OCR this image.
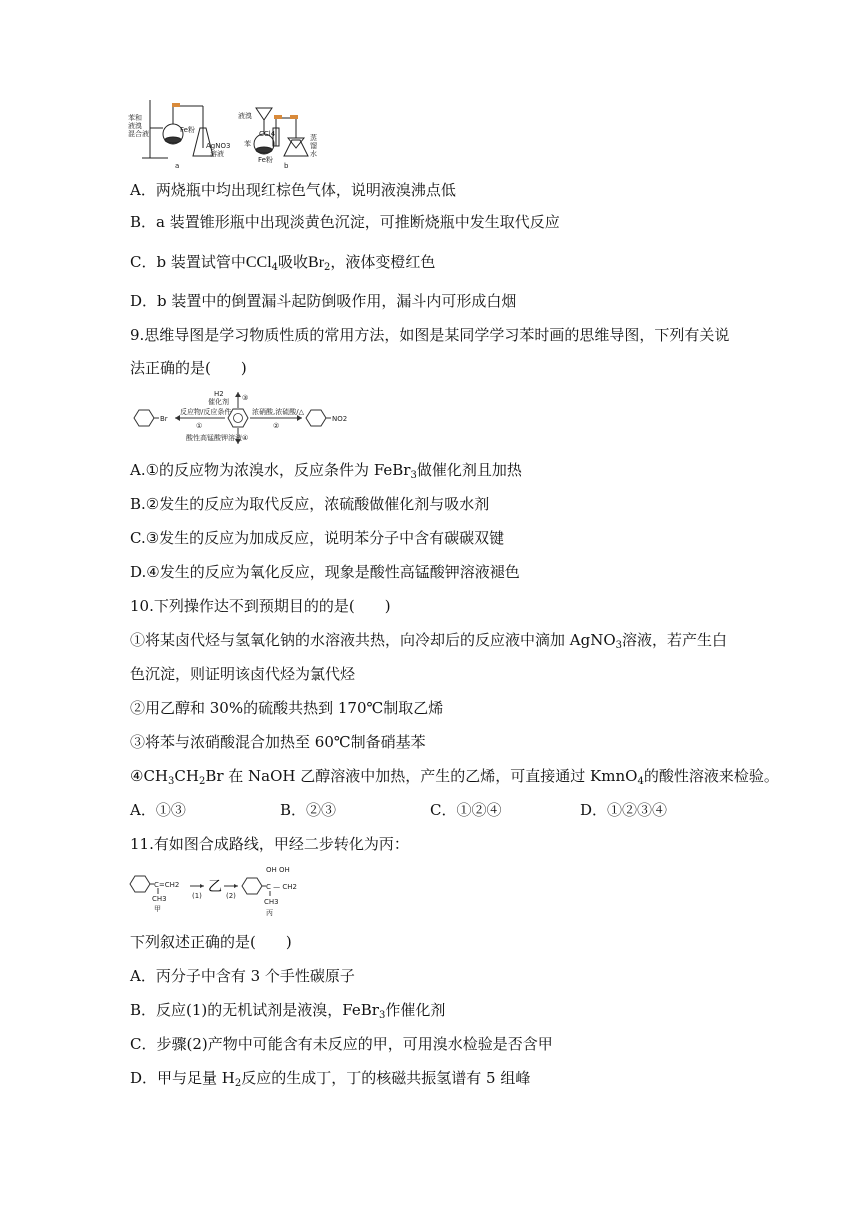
苯和
液溴
混合液	Fe粉
AgNO3
溶液
a
液溴
苯
CCl4
Fe粉
蒸
馏
水
b
A．两烧瓶中均出现红棕色气体，说明液溴沸点低
B．a 装置锥形瓶中出现淡黄色沉淀，可推断烧瓶中发生取代反应
C．b 装置试管中CCl$_4$吸收$Br_2$，液体变橙红色
D．b 装置中的倒置漏斗起防倒吸作用，漏斗内可形成白烟
9.思维导图是学习物质性质的常用方法，如图是某同学学习苯时画的思维导图，下列有关说
法正确的是(　　)
Br
反应物/反应条件
①
H2
催化剂 ③
浓硝酸,浓硫酸/△
②
NO2
酸性高锰酸钾溶液 ④
A.①的反应物为浓溴水，反应条件为 FeBr$_3$做催化剂且加热
B.②发生的反应为取代反应，浓硫酸做催化剂与吸水剂
C.③发生的反应为加成反应，说明苯分子中含有碳碳双键
D.④发生的反应为氧化反应，现象是酸性高锰酸钾溶液褪色
10.下列操作达不到预期目的的是(　　)
①将某卤代烃与氢氧化钠的水溶液共热，向冷却后的反应液中滴加 AgNO$_3$溶液，若产生白
色沉淀，则证明该卤代烃为氯代烃
②用乙醇和 30%的硫酸共热到 170℃制取乙烯
③将苯与浓硝酸混合加热至 60℃制备硝基苯
$④CH_3CH_2Br$ 在 NaOH 乙醇溶液中加热，产生的乙烯，可直接通过 KmnO$_4$的酸性溶液来检验。
A．①③	B．②③	C．①②④	D．①②③④
11.有如图合成路线，甲经二步转化为丙：
C=CH2
CH3
甲
(1)
乙
(2)
OH OH
C — CH2
CH3
丙
下列叙述正确的是(　　)
A．丙分子中含有 3 个手性碳原子
B．反应(1)的无机试剂是液溴，FeBr$_3$作催化剂
C．步骤(2)产物中可能含有未反应的甲，可用溴水检验是否含甲
D．甲与足量 $H_2$反应的生成丁，丁的核磁共振氢谱有 5 组峰
